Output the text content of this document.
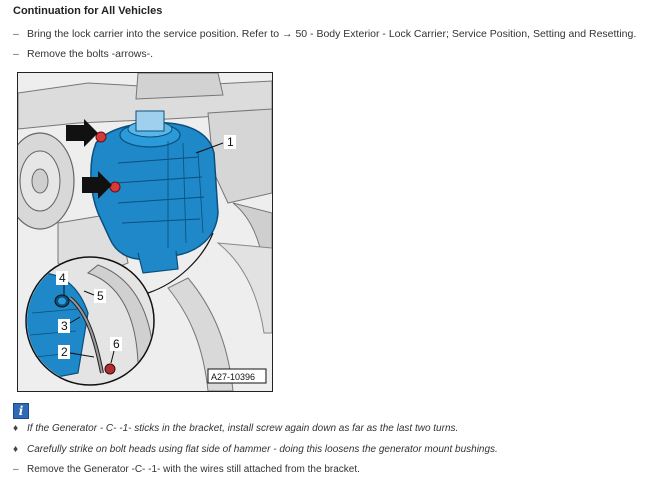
Continuation for All Vehicles
– Bring the lock carrier into the service position. Refer to → 50 - Body Exterior - Lock Carrier; Service Position, Setting and Resetting.
– Remove the bolts -arrows-.
1
4
5
3
2
6
A27-10396
i
♦ If the Generator - C- -1- sticks in the bracket, install screw again down as far as the last two turns.
♦ Carefully strike on bolt heads using flat side of hammer - doing this loosens the generator mount bushings.
– Remove the Generator -C- -1- with the wires still attached from the bracket.
